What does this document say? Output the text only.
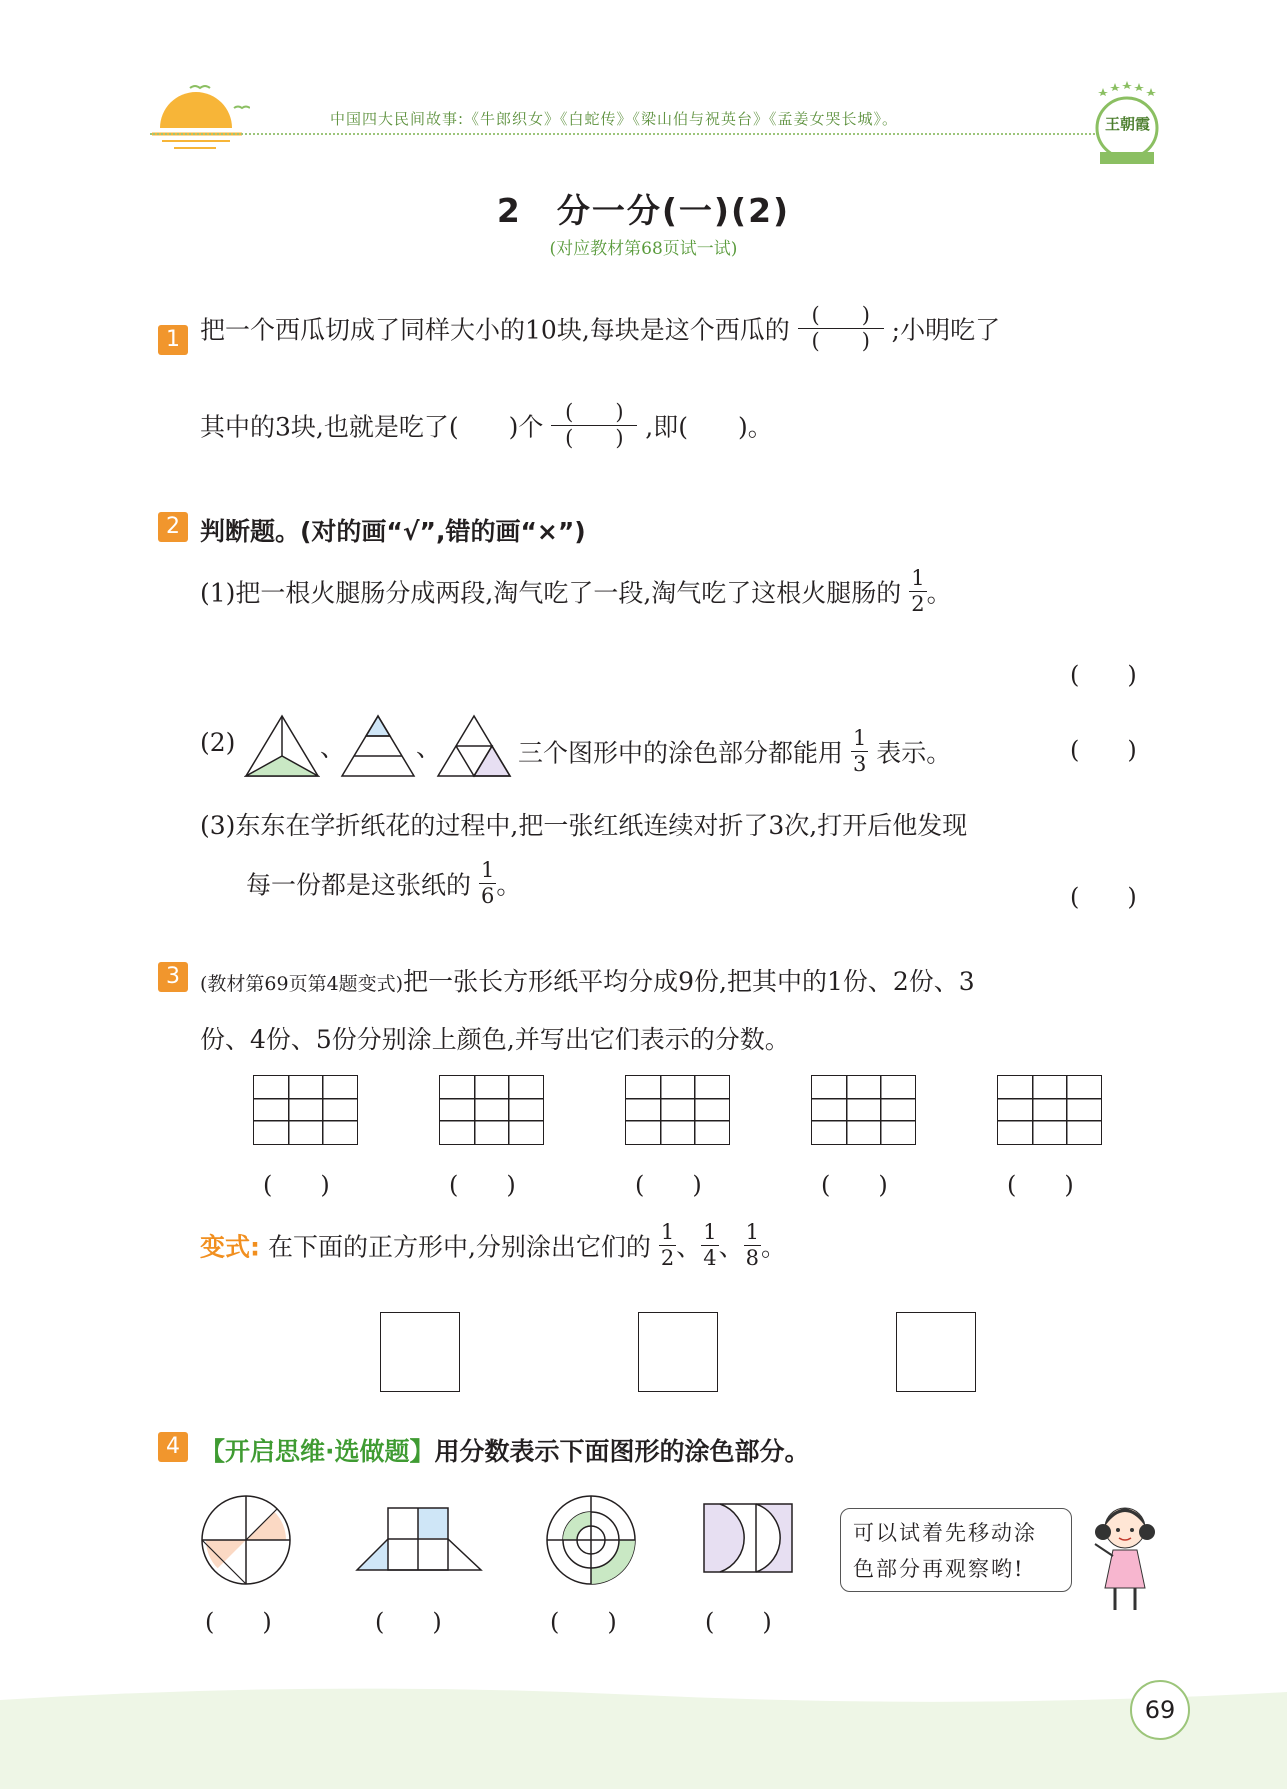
中国四大民间故事:《牛郎织女》《白蛇传》《梁山伯与祝英台》《孟姜女哭长城》。	王朝霞
2　分一分(一)(2)
(对应教材第68页试一试)
1 把一个西瓜切成了同样大小的10块,每块是这个西瓜的 $\frac{( )}{( )}$ ;小明吃了
其中的3块,也就是吃了(　　)个 $\frac{( )}{( )}$ ,即(　　)。
2 判断题。(对的画“√”,错的画“×”)
(1)把一根火腿肠分成两段,淘气吃了一段,淘气吃了这根火腿肠的 $\frac{1}{2}$ 。
(　　)
(2)	、	、	三个图形中的涂色部分都能用 $\frac{1}{3}$ 表示。	(　　)
(3)东东在学折纸花的过程中,把一张红纸连续对折了3次,打开后他发现
每一份都是这张纸的 $\frac{1}{6}$ 。	(　　)
3	(教材第69页第4题变式)把一张长方形纸平均分成9份,把其中的1份、2份、3
份、4份、5份分别涂上颜色,并写出它们表示的分数。
(　　)	(　　)	(　　)	(　　)	(　　)
变式: 在下面的正方形中,分别涂出它们的 $\frac{1}{2}$ 、 $\frac{1}{4}$ 、 $\frac{1}{8}$ 。
4 【开启思维·选做题】用分数表示下面图形的涂色部分。
(　　)	(　　)	(　　)	(　　)
可以试着先移动涂
色部分再观察哟!
69
